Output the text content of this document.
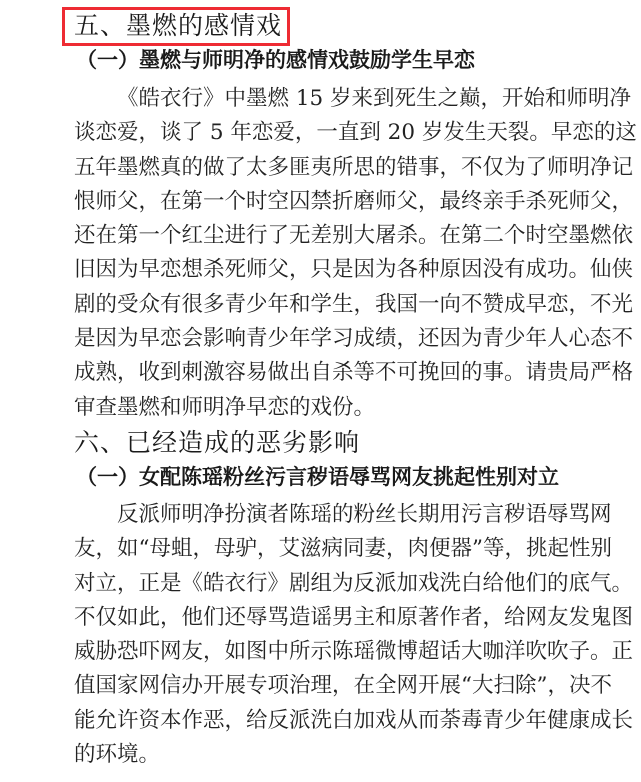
五、墨燃的感情戏
（一）墨燃与师明净的感情戏鼓励学生早恋
《皓衣行》中墨燃 15 岁来到死生之巅，开始和师明净
谈恋爱，谈了 5 年恋爱，一直到 20 岁发生天裂。早恋的这
五年墨燃真的做了太多匪夷所思的错事，不仅为了师明净记
恨师父，在第一个时空囚禁折磨师父，最终亲手杀死师父，
还在第一个红尘进行了无差别大屠杀。在第二个时空墨燃依
旧因为早恋想杀死师父，只是因为各种原因没有成功。仙侠
剧的受众有很多青少年和学生，我国一向不赞成早恋，不光
是因为早恋会影响青少年学习成绩，还因为青少年人心态不
成熟，收到刺激容易做出自杀等不可挽回的事。请贵局严格
审查墨燃和师明净早恋的戏份。
六、已经造成的恶劣影响
（一）女配陈瑶粉丝污言秽语辱骂网友挑起性别对立
反派师明净扮演者陈瑶的粉丝长期用污言秽语辱骂网
友，如“母蛆，母驴，艾滋病同妻，肉便器”等，挑起性别
对立，正是《皓衣行》剧组为反派加戏洗白给他们的底气。
不仅如此，他们还辱骂造谣男主和原著作者，给网友发鬼图
威胁恐吓网友，如图中所示陈瑶微博超话大咖洋吹吹子。正
值国家网信办开展专项治理，在全网开展“大扫除”，决不
能允许资本作恶，给反派洗白加戏从而荼毒青少年健康成长
的环境。
